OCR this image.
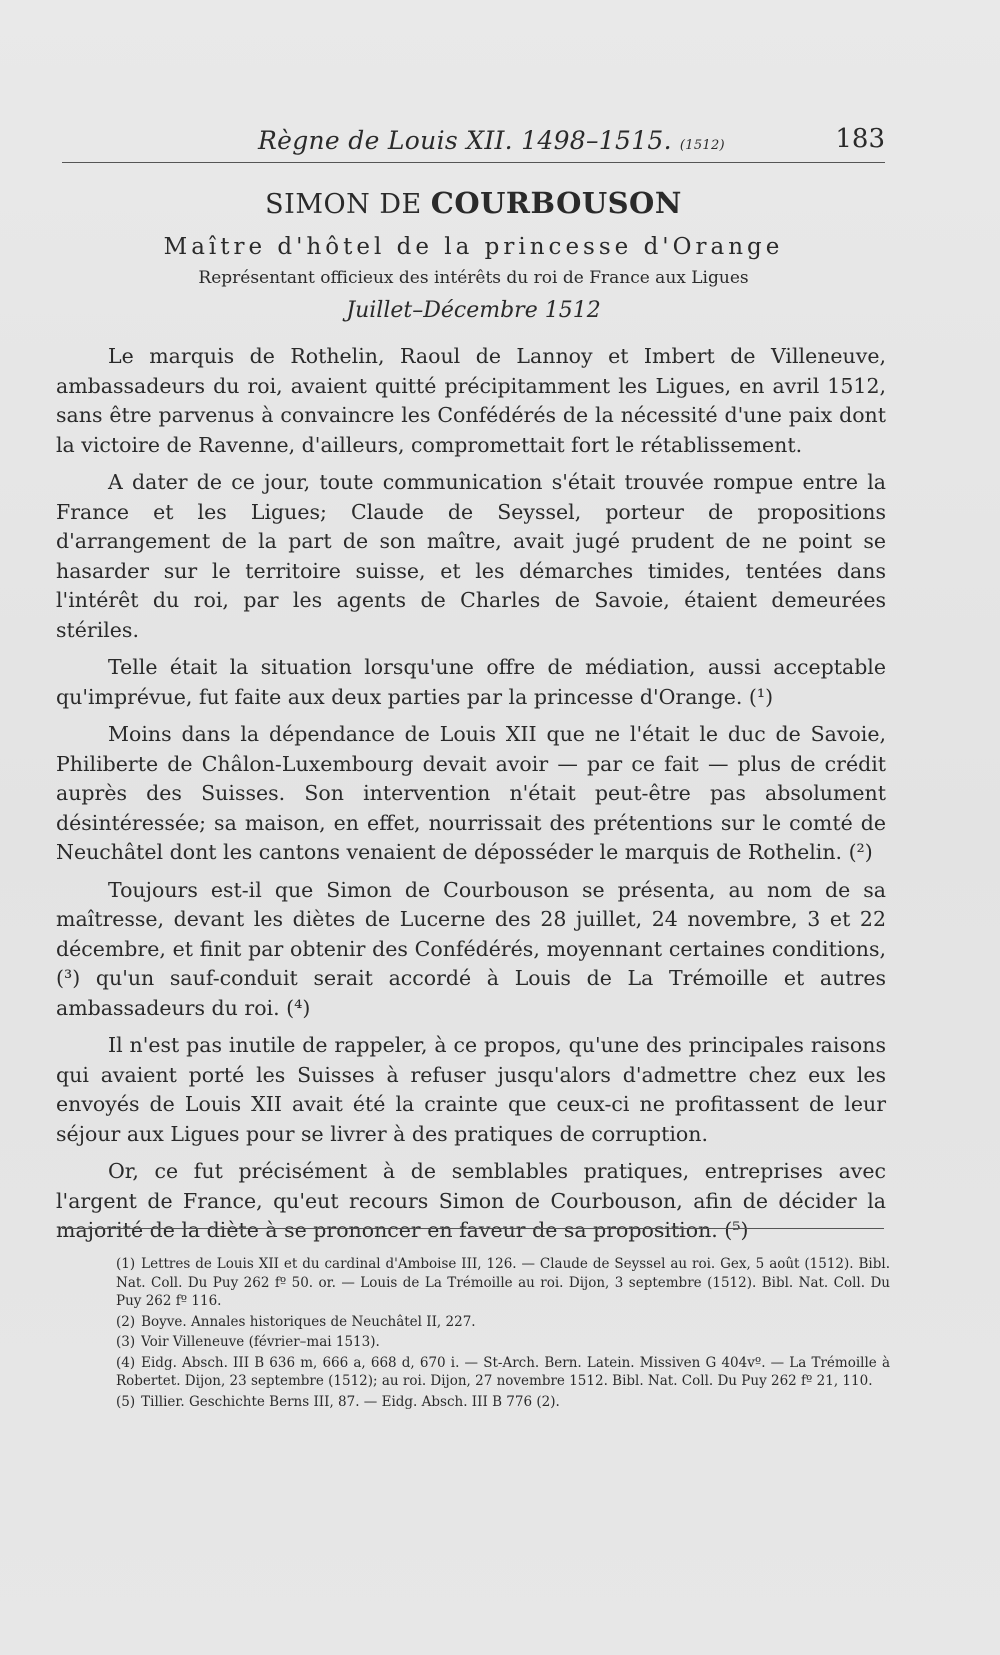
Règne de Louis XII. 1498–1515. (1512)	183
SIMON DE COURBOUSON
Maître d'hôtel de la princesse d'Orange
Représentant officieux des intérêts du roi de France aux Ligues
Juillet–Décembre 1512

Le marquis de Rothelin, Raoul de Lannoy et Imbert de Villeneuve, ambassadeurs du roi, avaient quitté précipitamment les Ligues, en avril 1512, sans être parvenus à convaincre les Confédérés de la nécessité d'une paix dont la victoire de Ravenne, d'ailleurs, compromettait fort le rétablissement.

A dater de ce jour, toute communication s'était trouvée rompue entre la France et les Ligues; Claude de Seyssel, porteur de propositions d'arrangement de la part de son maître, avait jugé prudent de ne point se hasarder sur le territoire suisse, et les démarches timides, tentées dans l'intérêt du roi, par les agents de Charles de Savoie, étaient demeurées stériles.

Telle était la situation lorsqu'une offre de médiation, aussi acceptable qu'imprévue, fut faite aux deux parties par la princesse d'Orange. (¹)

Moins dans la dépendance de Louis XII que ne l'était le duc de Savoie, Philiberte de Châlon-Luxembourg devait avoir — par ce fait — plus de crédit auprès des Suisses. Son intervention n'était peut-être pas absolument désintéressée; sa maison, en effet, nourrissait des prétentions sur le comté de Neuchâtel dont les cantons venaient de déposséder le marquis de Rothelin. (²)

Toujours est-il que Simon de Courbouson se présenta, au nom de sa maîtresse, devant les diètes de Lucerne des 28 juillet, 24 novembre, 3 et 22 décembre, et finit par obtenir des Confédérés, moyennant certaines conditions, (³) qu'un sauf-conduit serait accordé à Louis de La Trémoille et autres ambassadeurs du roi. (⁴)

Il n'est pas inutile de rappeler, à ce propos, qu'une des principales raisons qui avaient porté les Suisses à refuser jusqu'alors d'admettre chez eux les envoyés de Louis XII avait été la crainte que ceux-ci ne profitassent de leur séjour aux Ligues pour se livrer à des pratiques de corruption.

Or, ce fut précisément à de semblables pratiques, entreprises avec l'argent de France, qu'eut recours Simon de Courbouson, afin de décider la majorité de la diète à se prononcer en faveur de sa proposition. (⁵)

(1) Lettres de Louis XII et du cardinal d'Amboise III, 126. — Claude de Seyssel au roi. Gex, 5 août (1512). Bibl. Nat. Coll. Du Puy 262 fº 50. or. — Louis de La Trémoille au roi. Dijon, 3 septembre (1512). Bibl. Nat. Coll. Du Puy 262 fº 116.
(2) Boyve. Annales historiques de Neuchâtel II, 227.
(3) Voir Villeneuve (février–mai 1513).
(4) Eidg. Absch. III B 636 m, 666 a, 668 d, 670 i. — St-Arch. Bern. Latein. Missiven G 404vº. — La Trémoille à Robertet. Dijon, 23 septembre (1512); au roi. Dijon, 27 novembre 1512. Bibl. Nat. Coll. Du Puy 262 fº 21, 110.
(5) Tillier. Geschichte Berns III, 87. — Eidg. Absch. III B 776 (2).
